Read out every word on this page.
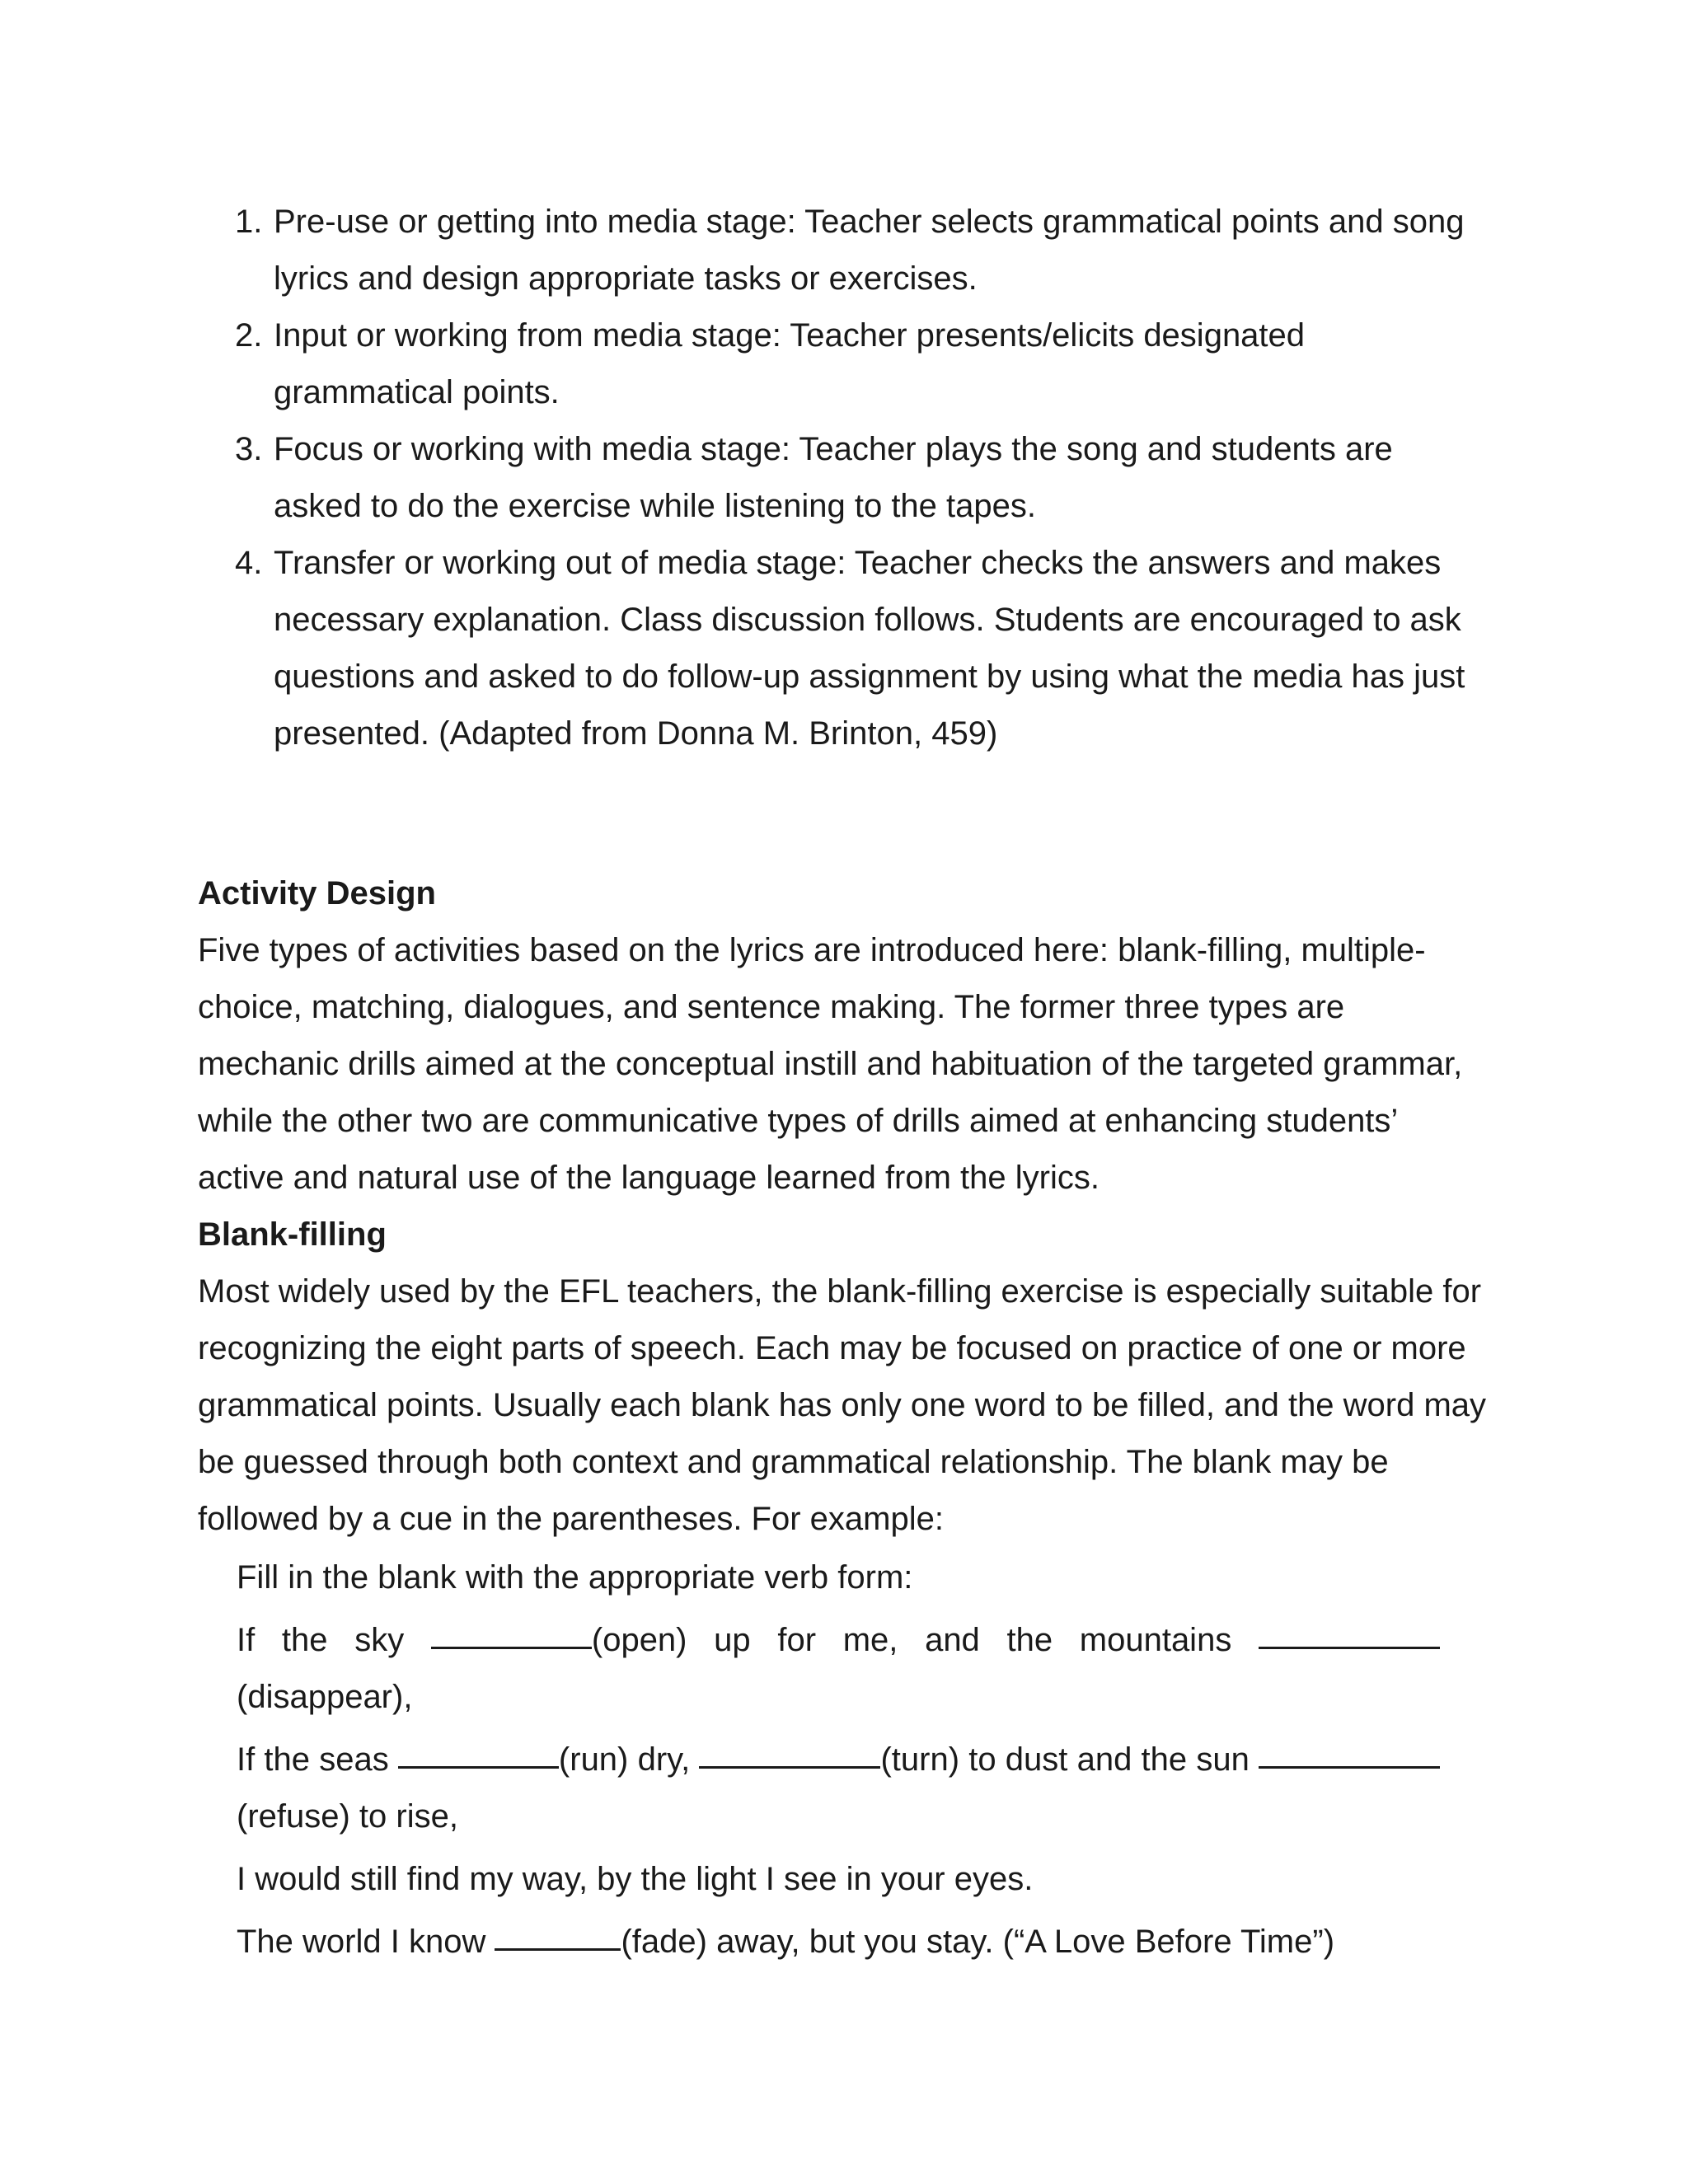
1. Pre-use or getting into media stage: Teacher selects grammatical points and song lyrics and design appropriate tasks or exercises.

2. Input or working from media stage: Teacher presents/elicits designated grammatical points.

3. Focus or working with media stage: Teacher plays the song and students are asked to do the exercise while listening to the tapes.

4. Transfer or working out of media stage: Teacher checks the answers and makes necessary explanation. Class discussion follows. Students are encouraged to ask questions and asked to do follow-up assignment by using what the media has just presented. (Adapted from Donna M. Brinton, 459)

Activity Design

Five types of activities based on the lyrics are introduced here: blank-filling, multiple-choice, matching, dialogues, and sentence making. The former three types are mechanic drills aimed at the conceptual instill and habituation of the targeted grammar, while the other two are communicative types of drills aimed at enhancing students’ active and natural use of the language learned from the lyrics.

Blank-filling

Most widely used by the EFL teachers, the blank-filling exercise is especially suitable for recognizing the eight parts of speech. Each may be focused on practice of one or more grammatical points. Usually each blank has only one word to be filled, and the word may be guessed through both context and grammatical relationship. The blank may be followed by a cue in the parentheses. For example:

Fill in the blank with the appropriate verb form:

If the sky	(open) up for me, and the mountains  (disappear),

If the seas	(run) dry,	(turn) to dust and the sun (refuse) to rise,

I would still find my way, by the light I see in your eyes.

The world I know	(fade) away, but you stay. (“A Love Before Time”)
